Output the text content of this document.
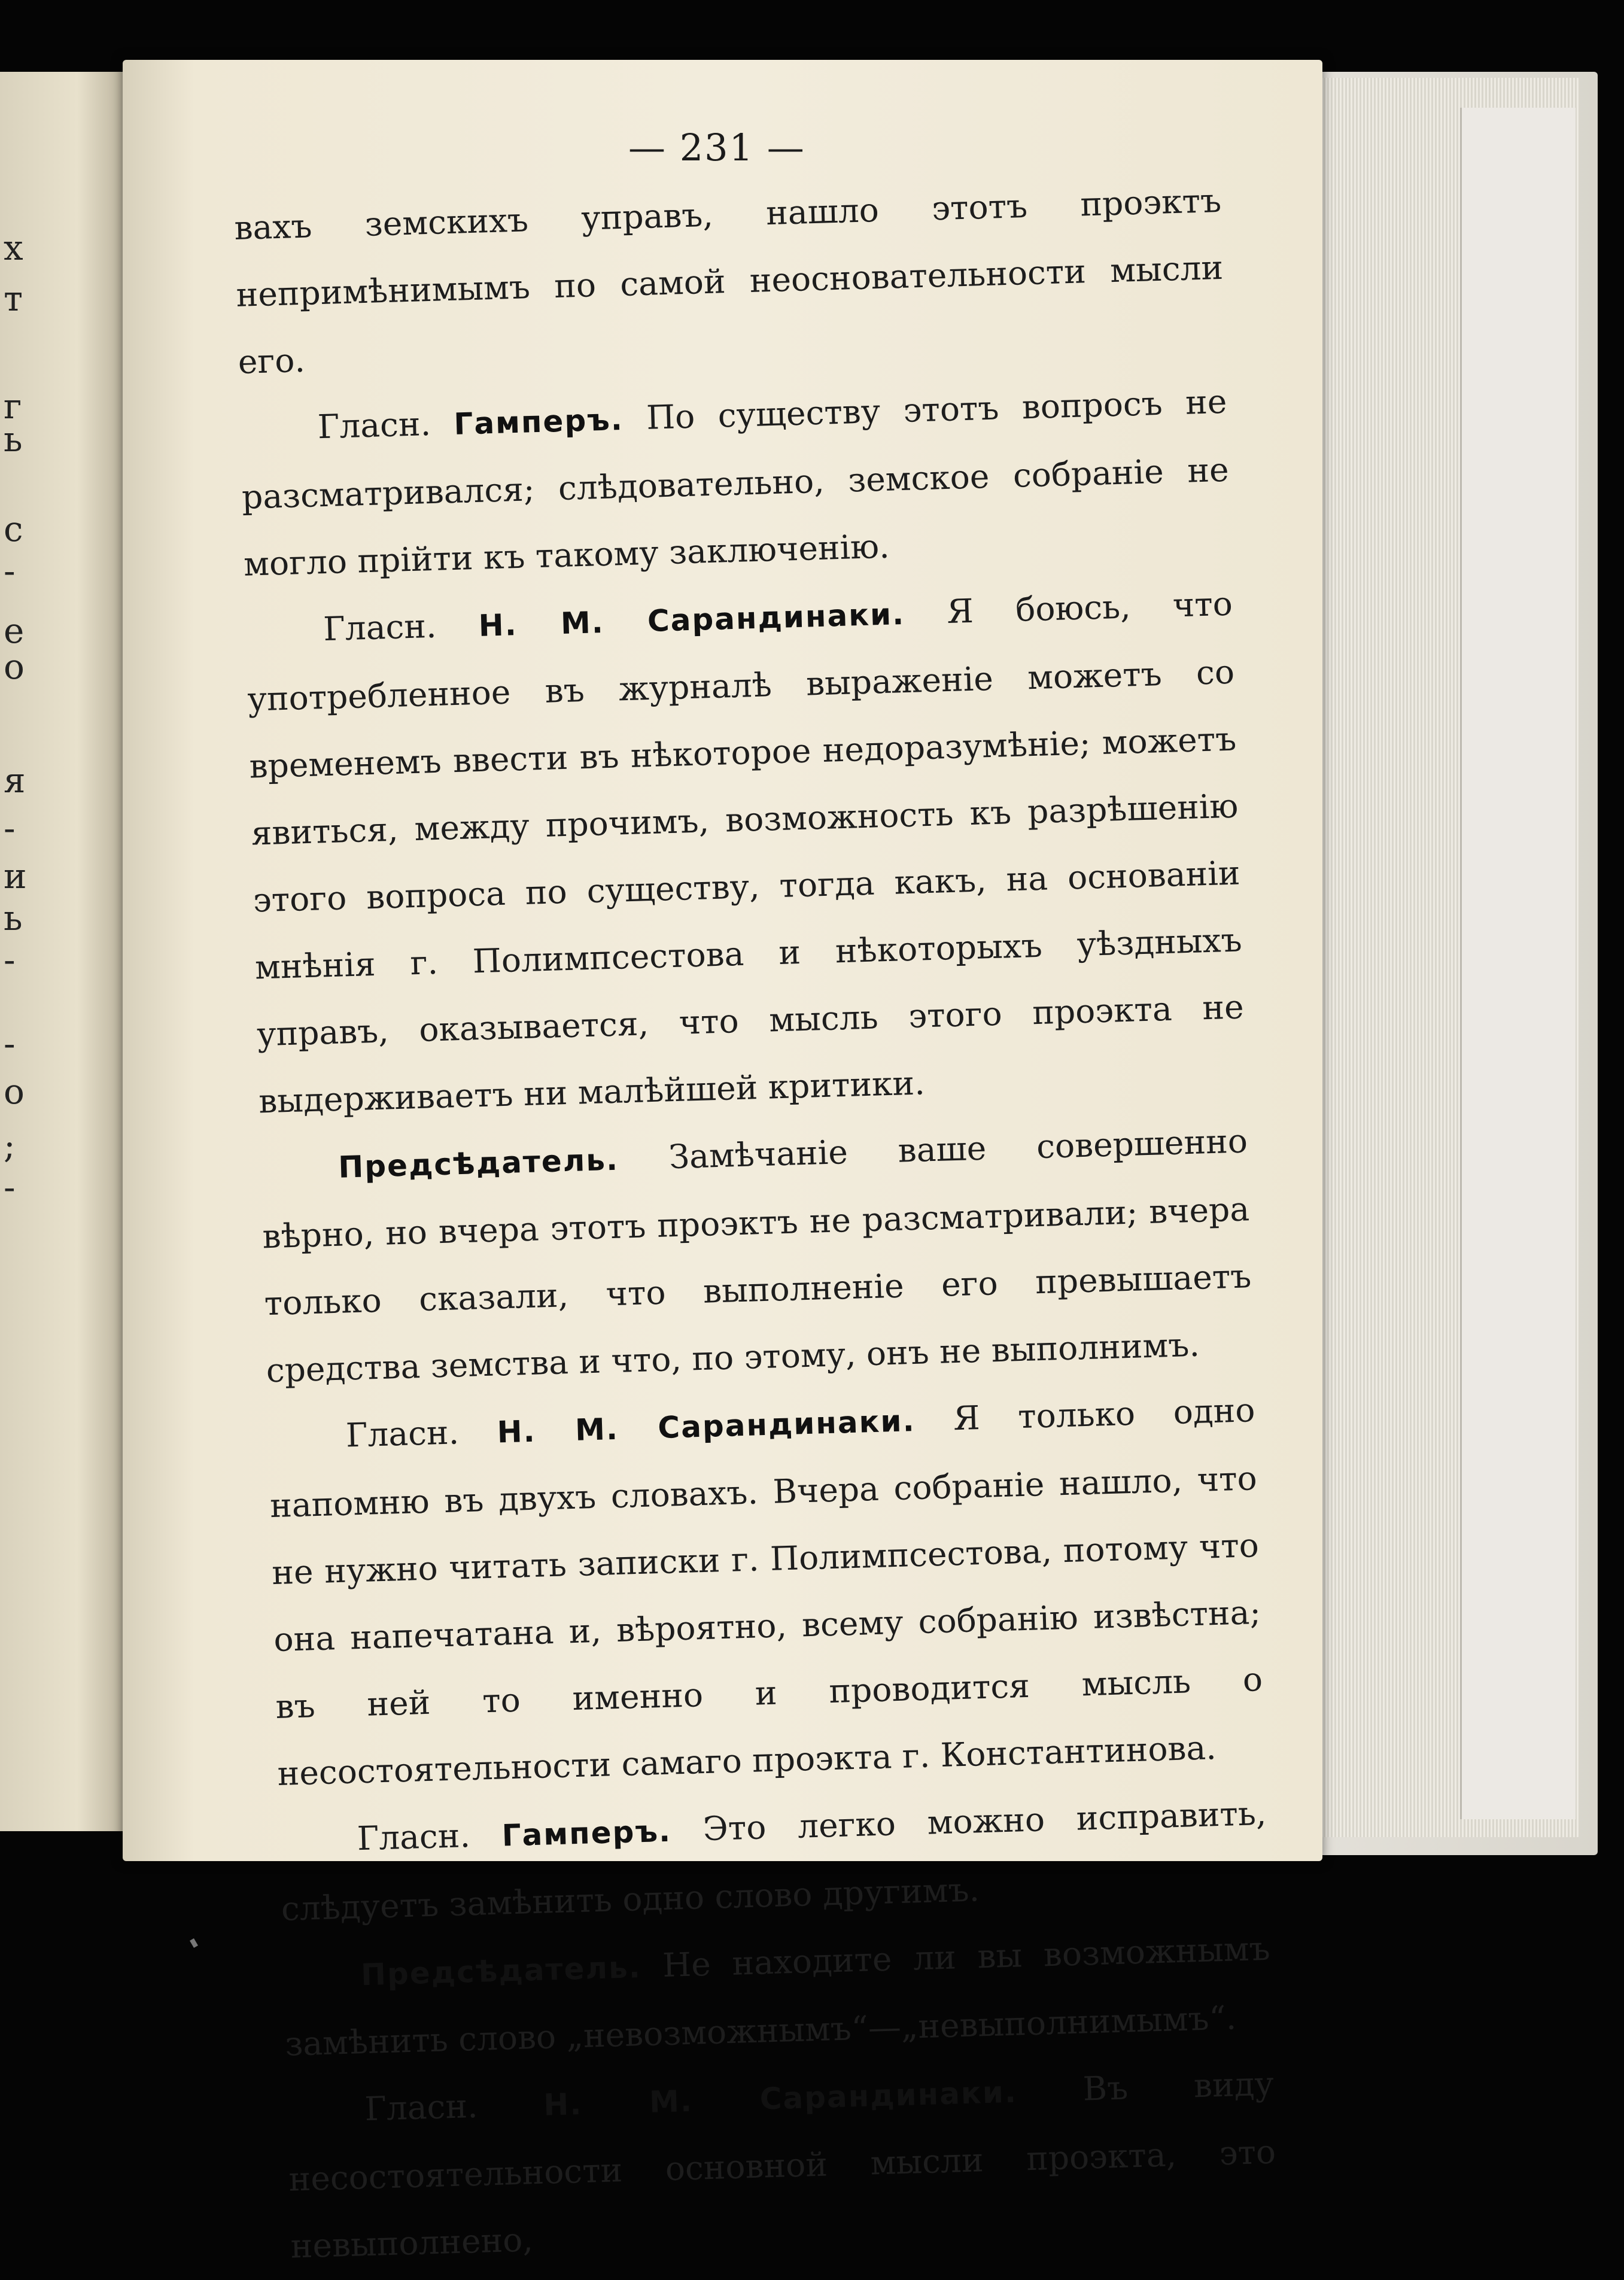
х
т
г
ь
с
-
е
о
я
-
и
ь
-
-
о
;
-
— 231 —

вахъ земскихъ управъ, нашло этотъ проэктъ непримѣнимымъ по самой неосновательности мысли его.

Гласн. Гамперъ. По существу этотъ вопросъ не разсматривался; слѣдовательно, земское собранiе не могло прiйти къ такому заключенiю.

Гласн. Н. М. Сарандинаки. Я боюсь, что употребленное въ журналѣ выраженiе можетъ со временемъ ввести въ нѣкоторое недоразумѣнiе; можетъ явиться, между прочимъ, возможность къ разрѣшенiю этого вопроса по существу, тогда какъ, на основанiи мнѣнiя г. Полимпсестова и нѣкоторыхъ уѣздныхъ управъ, оказывается, что мысль этого проэкта не выдерживаетъ ни малѣйшей критики.

Предсѣдатель. Замѣчанiе ваше совершенно вѣрно, но вчера этотъ проэктъ не разсматривали; вчера только сказали, что выполненiе его превышаетъ средства земства и что, по этому, онъ не выполнимъ.

Гласн. Н. М. Сарандинаки. Я только одно напомню въ двухъ словахъ. Вчера собранiе нашло, что не нужно читать записки г. Полимпсестова, потому что она напечатана и, вѣроятно, всему собранiю извѣстна; въ ней то именно и проводится мысль о несостоятельности самаго проэкта г. Константинова.

Гласн. Гамперъ. Это легко можно исправить, слѣдуетъ замѣнить одно слово другимъ.

Предсѣдатель. Не находите ли вы возможнымъ замѣнить слово „невозможнымъ“—„невыполнимымъ“.

Гласн. Н. М. Сарандинаки. Въ виду несостоятельности основной мысли проэкта, это невыполнено,
